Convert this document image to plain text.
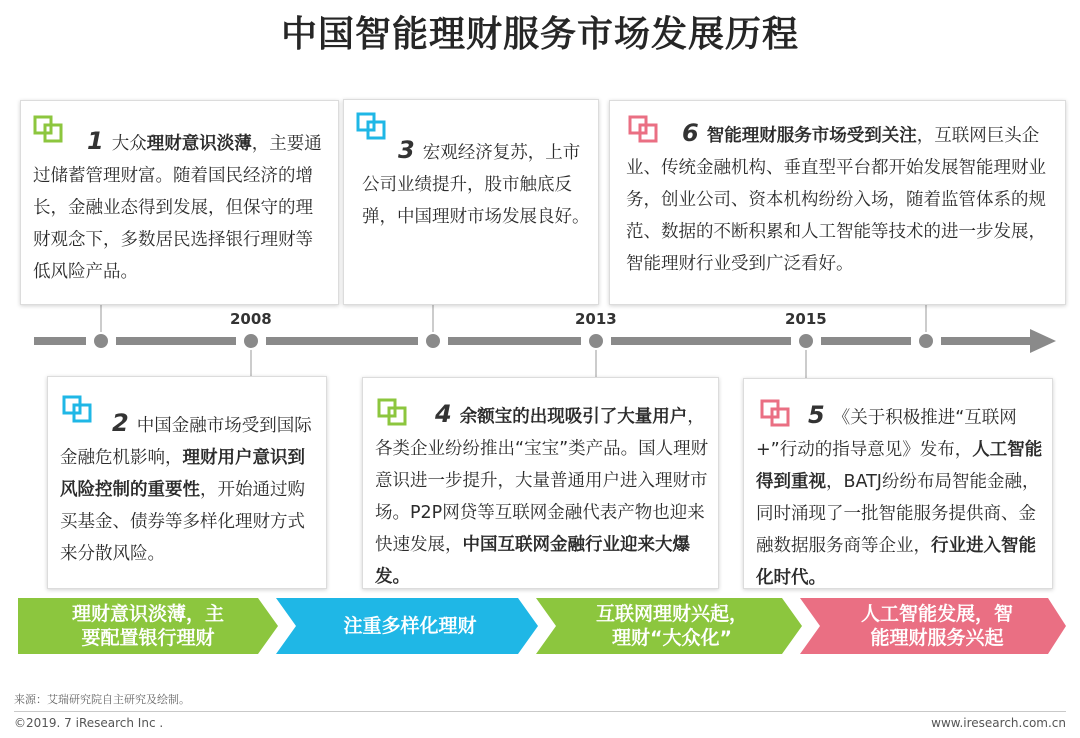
中国智能理财服务市场发展历程
2008	2013	2015

1 大众理财意识淡薄，主要通过储蓄管理财富。随着国民经济的增长，金融业态得到发展，但保守的理财观念下，多数居民选择银行理财等低风险产品。

3 宏观经济复苏，上市公司业绩提升，股市触底反弹，中国理财市场发展良好。

6 智能理财服务市场受到关注，互联网巨头企业、传统金融机构、垂直型平台都开始发展智能理财业务，创业公司、资本机构纷纷入场，随着监管体系的规范、数据的不断积累和人工智能等技术的进一步发展，智能理财行业受到广泛看好。

2 中国金融市场受到国际金融危机影响，理财用户意识到风险控制的重要性，开始通过购买基金、债券等多样化理财方式来分散风险。

4 余额宝的出现吸引了大量用户，各类企业纷纷推出“宝宝”类产品。国人理财意识进一步提升，大量普通用户进入理财市场。P2P网贷等互联网金融代表产物也迎来快速发展，中国互联网金融行业迎来大爆发。

5 《关于积极推进“互联网+”行动的指导意见》发布，人工智能得到重视，BATJ纷纷布局智能金融，同时涌现了一批智能服务提供商、金融数据服务商等企业，行业进入智能化时代。

理财意识淡薄，主
要配置银行理财
注重多样化理财
互联网理财兴起，
理财“大众化”
人工智能发展，智
能理财服务兴起
来源：艾瑞研究院自主研究及绘制。
©2019. 7 iResearch Inc .	www.iresearch.com.cn
